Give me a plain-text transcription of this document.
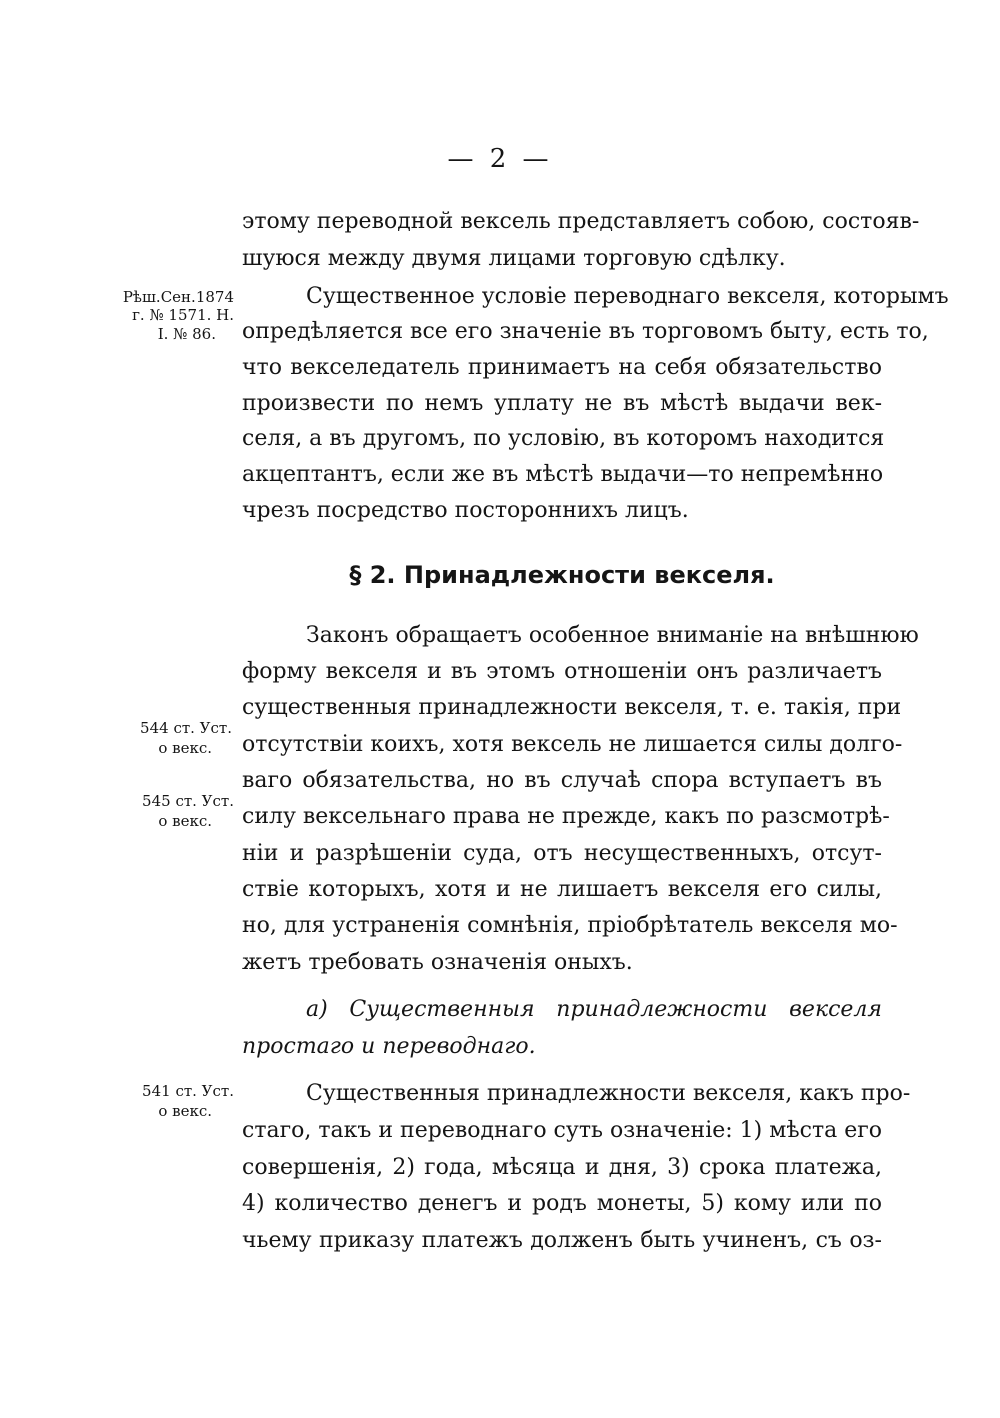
— 2 —
этому переводной вексель представляетъ собою, состояв-
шуюся между двумя лицами торговую сдѣлку.
Рѣш.Сен.1874
г. № 1571. Н.
I. № 86.
Существенное условіе переводнаго векселя, которымъ
опредѣляется все его значеніе въ торговомъ быту, есть то,
что векселедатель принимаетъ на себя обязательство
произвести по немъ уплату не въ мѣстѣ выдачи век-
селя, а въ другомъ, по условію, въ которомъ находится
акцептантъ, если же въ мѣстѣ выдачи—то непремѣнно
чрезъ посредство постороннихъ лицъ.
§ 2. Принадлежности векселя.
544 ст. Уст.
о векс.
545 ст. Уст.
о векс.
Законъ обращаетъ особенное вниманіе на внѣшнюю
форму векселя и въ этомъ отношеніи онъ различаетъ
существенныя принадлежности векселя, т. е. такія, при
отсутствіи коихъ, хотя вексель не лишается силы долго-
ваго обязательства, но въ случаѣ спора вступаетъ въ
силу вексельнаго права не прежде, какъ по разсмотрѣ-
ніи и разрѣшеніи суда, отъ несущественныхъ, отсут-
ствіе которыхъ, хотя и не лишаетъ векселя его силы,
но, для устраненія сомнѣнія, пріобрѣтатель векселя мо-
жетъ требовать означенія оныхъ.
а) Существенныя принадлежности векселя
простаго и переводнаго.
541 ст. Уст.
о векс.
Существенныя принадлежности векселя, какъ про-
стаго, такъ и переводнаго суть означеніе: 1) мѣста его
совершенія, 2) года, мѣсяца и дня, 3) срока платежа,
4) количество денегъ и родъ монеты, 5) кому или по
чьему приказу платежъ долженъ быть учиненъ, съ оз-
